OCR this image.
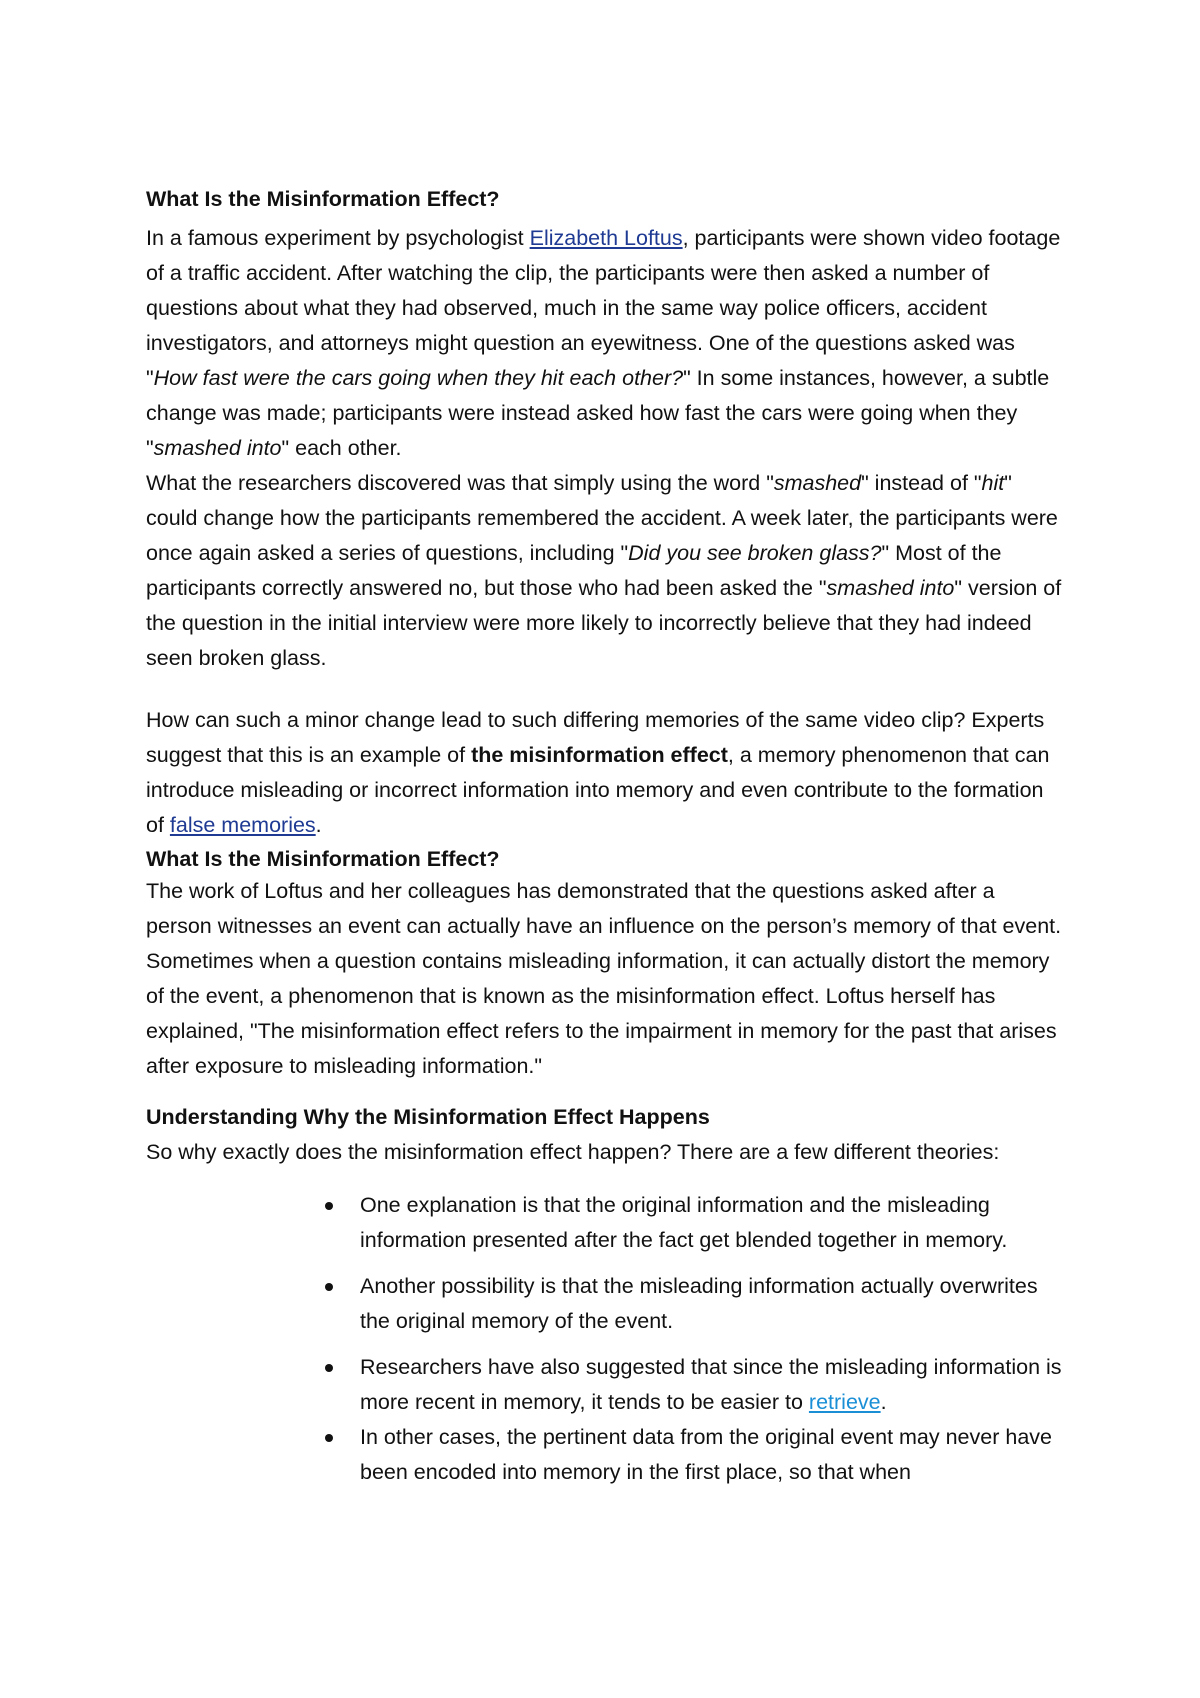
What Is the Misinformation Effect?

In a famous experiment by psychologist Elizabeth Loftus, participants were shown video footage of a traffic accident. After watching the clip, the participants were then asked a number of questions about what they had observed, much in the same way police officers, accident investigators, and attorneys might question an eyewitness. One of the questions asked was "How fast were the cars going when they hit each other?" In some instances, however, a subtle change was made; participants were instead asked how fast the cars were going when they "smashed into" each other.

What the researchers discovered was that simply using the word "smashed" instead of "hit" could change how the participants remembered the accident. A week later, the participants were once again asked a series of questions, including "Did you see broken glass?" Most of the participants correctly answered no, but those who had been asked the "smashed into" version of the question in the initial interview were more likely to incorrectly believe that they had indeed seen broken glass.

How can such a minor change lead to such differing memories of the same video clip? Experts suggest that this is an example of the misinformation effect, a memory phenomenon that can introduce misleading or incorrect information into memory and even contribute to the formation of false memories.

What Is the Misinformation Effect?

The work of Loftus and her colleagues has demonstrated that the questions asked after a person witnesses an event can actually have an influence on the person’s memory of that event. Sometimes when a question contains misleading information, it can actually distort the memory of the event, a phenomenon that is known as the misinformation effect. Loftus herself has explained, "The misinformation effect refers to the impairment in memory for the past that arises after exposure to misleading information."

Understanding Why the Misinformation Effect Happens

So why exactly does the misinformation effect happen? There are a few different theories:

One explanation is that the original information and the misleading information presented after the fact get blended together in memory.
Another possibility is that the misleading information actually overwrites the original memory of the event.
Researchers have also suggested that since the misleading information is more recent in memory, it tends to be easier to retrieve.
In other cases, the pertinent data from the original event may never have been encoded into memory in the first place, so that when
